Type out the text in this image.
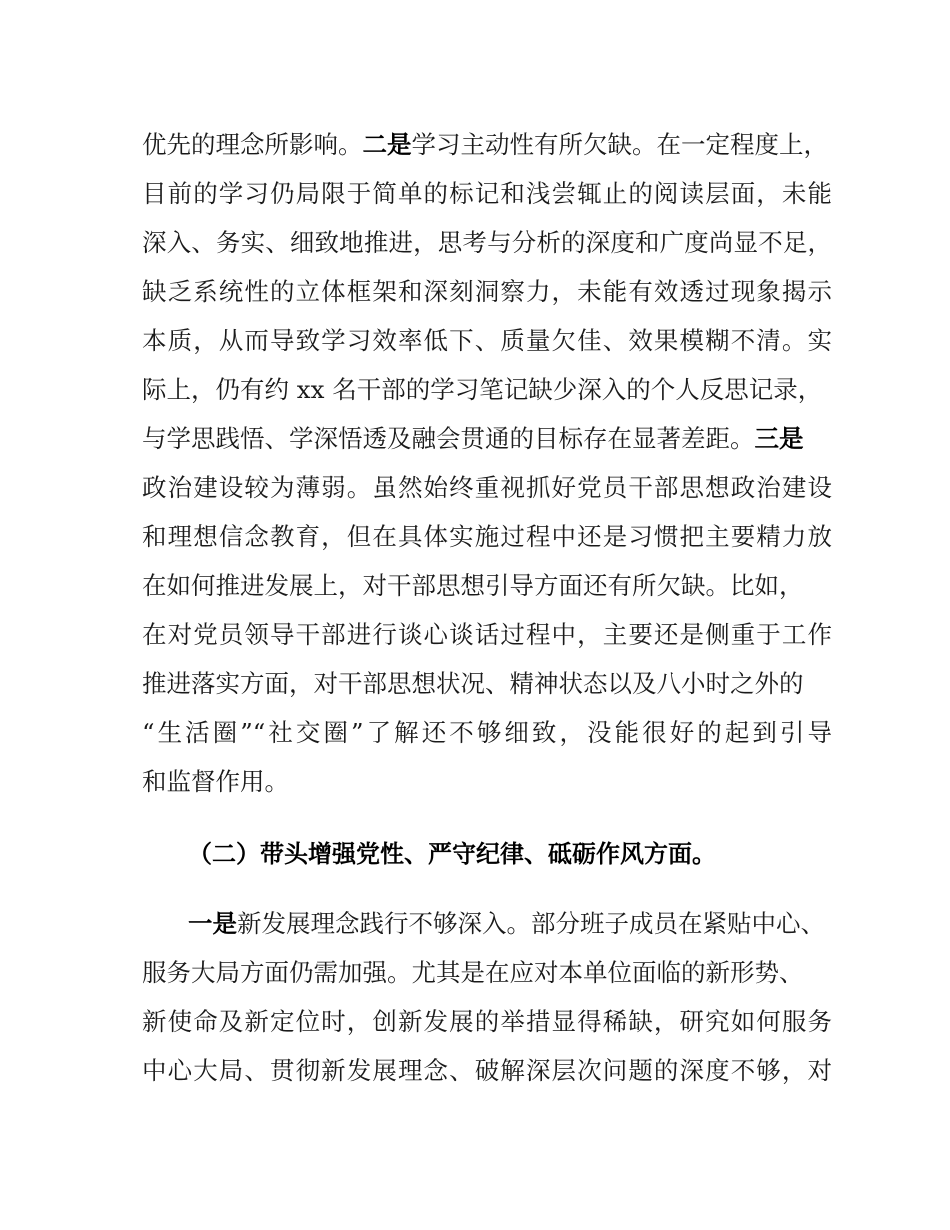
优先的理念所影响。二是学习主动性有所欠缺。在一定程度上，
目前的学习仍局限于简单的标记和浅尝辄止的阅读层面，未能
深入、务实、细致地推进，思考与分析的深度和广度尚显不足，
缺乏系统性的立体框架和深刻洞察力，未能有效透过现象揭示
本质，从而导致学习效率低下、质量欠佳、效果模糊不清。实
际上，仍有约 xx 名干部的学习笔记缺少深入的个人反思记录，
与学思践悟、学深悟透及融会贯通的目标存在显著差距。三是
政治建设较为薄弱。虽然始终重视抓好党员干部思想政治建设
和理想信念教育，但在具体实施过程中还是习惯把主要精力放
在如何推进发展上，对干部思想引导方面还有所欠缺。比如，
在对党员领导干部进行谈心谈话过程中，主要还是侧重于工作
推进落实方面，对干部思想状况、精神状态以及八小时之外的
“生活圈”“社交圈”了解还不够细致，没能很好的起到引导
和监督作用。
（二）带头增强党性、严守纪律、砥砺作风方面。
一是新发展理念践行不够深入。部分班子成员在紧贴中心、
服务大局方面仍需加强。尤其是在应对本单位面临的新形势、
新使命及新定位时，创新发展的举措显得稀缺，研究如何服务
中心大局、贯彻新发展理念、破解深层次问题的深度不够，对
